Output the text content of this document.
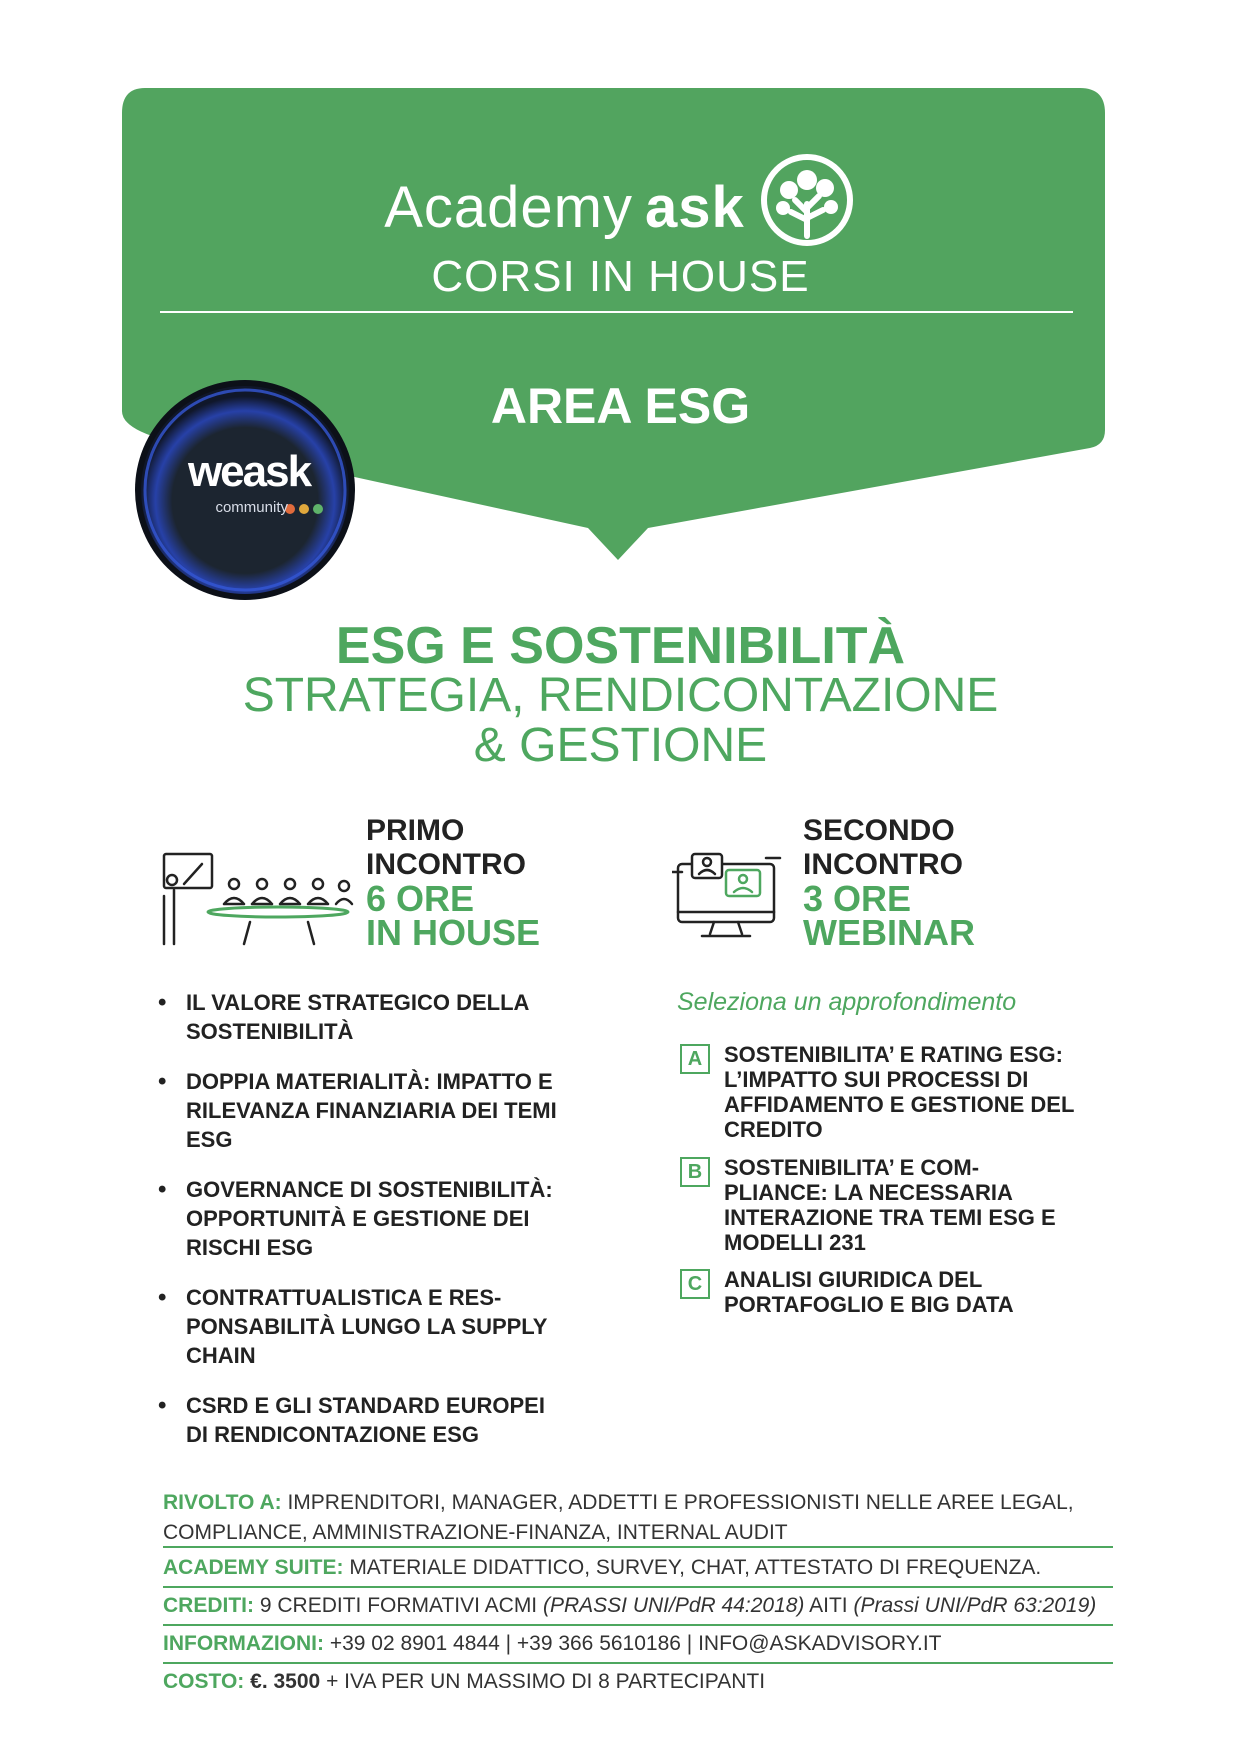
Academy ask
CORSI IN HOUSE
AREA ESG
weask
community
ESG E SOSTENIBILITÀ
STRATEGIA, RENDICONTAZIONE
& GESTIONE
PRIMO
INCONTRO
6 ORE
IN HOUSE
SECONDO
INCONTRO
3 ORE
WEBINAR
• IL VALORE STRATEGICO DELLA SOSTENIBILITÀ
• DOPPIA MATERIALITÀ: IMPATTO E RILEVANZA FINANZIARIA DEI TEMI ESG
• GOVERNANCE DI SOSTENIBILITÀ: OPPORTUNITÀ E GESTIONE DEI RISCHI ESG
• CONTRATTUALISTICA E RES-PONSABILITÀ LUNGO LA SUPPLY CHAIN
• CSRD E GLI STANDARD EUROPEI DI RENDICONTAZIONE ESG
Seleziona un approfondimento
A SOSTENIBILITA’ E RATING ESG: L’IMPATTO SUI PROCESSI DI AFFIDAMENTO E GESTIONE DEL CREDITO
B SOSTENIBILITA’ E COM-PLIANCE: LA NECESSARIA INTERAZIONE TRA TEMI ESG E MODELLI 231
C ANALISI GIURIDICA DEL PORTAFOGLIO E BIG DATA
RIVOLTO A: IMPRENDITORI, MANAGER, ADDETTI E PROFESSIONISTI NELLE AREE LEGAL,
COMPLIANCE, AMMINISTRAZIONE-FINANZA, INTERNAL AUDIT
ACADEMY SUITE: MATERIALE DIDATTICO, SURVEY, CHAT, ATTESTATO DI FREQUENZA.
CREDITI: 9 CREDITI FORMATIVI ACMI (PRASSI UNI/PdR 44:2018) AITI (Prassi UNI/PdR 63:2019)
INFORMAZIONI: +39 02 8901 4844 | +39 366 5610186 | INFO@ASKADVISORY.IT
COSTO: €. 3500 + IVA PER UN MASSIMO DI 8 PARTECIPANTI
